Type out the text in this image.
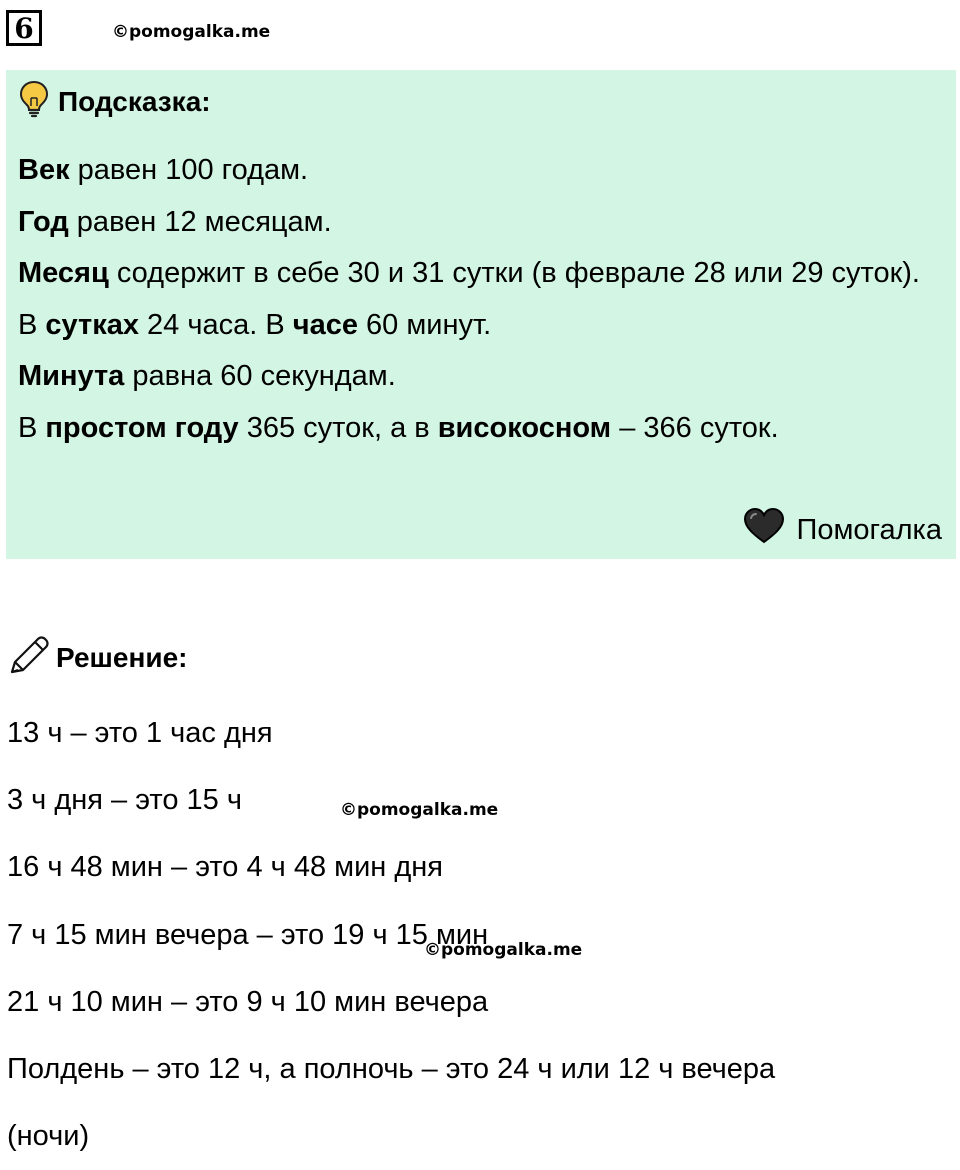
6	©pomogalka.me
Подсказка:

Век равен 100 годам.

Год равен 12 месяцам.

Месяц содержит в себе 30 и 31 сутки (в феврале 28 или 29 суток).

В сутках 24 часа. В часе 60 минут.

Минута равна 60 секундам.

В простом году 365 суток, а в високосном – 366 суток.

Помогалка
Решение:

13 ч – это 1 час дня

3 ч дня – это 15 ч

16 ч 48 мин – это 4 ч 48 мин дня

7 ч 15 мин вечера – это 19 ч 15 мин

21 ч 10 мин – это 9 ч 10 мин вечера

Полдень – это 12 ч, а полночь – это 24 ч или 12 ч вечера

(ночи)

©pomogalka.me
©pomogalka.me
